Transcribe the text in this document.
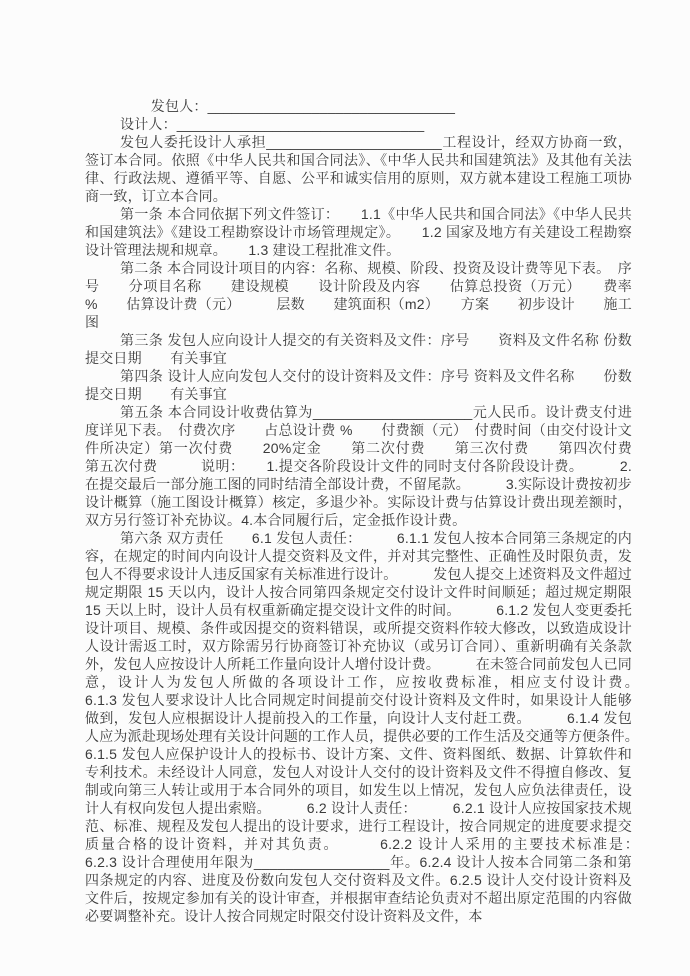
发包人：_______________________________

设计人：_______________________________

发包人委托设计人承担______________________工程设计，经双方协商一致，签订本合同。依照《中华人民共和国合同法》、《中华人民共和国建筑法》及其他有关法律、行政法规、遵循平等、自愿、公平和诚实信用的原则，双方就本建设工程施工项协商一致，订立本合同。

第一条 本合同依据下列文件签订：　　1.1《中华人民共和国合同法》《中华人民共和国建筑法》《建设工程勘察设计市场管理规定》。　　1.2 国家及地方有关建设工程勘察设计管理法规和规章。　　1.3 建设工程批准文件。

第二条 本合同设计项目的内容：名称、规模、阶段、投资及设计费等见下表。　序号　　分项目名称　　建设规模　　设计阶段及内容　　估算总投资（万元）　　费率 %　　估算设计费（元）　　　层数　　建筑面积（m2）　　方案　　初步设计　　施工图

第三条 发包人应向设计人提交的有关资料及文件：序号　　资料及文件名称 份数　　提交日期　　有关事宜

第四条 设计人应向发包人交付的设计资料及文件：序号 资料及文件名称　　份数　　提交日期　　有关事宜

第五条 本合同设计收费估算为____________________元人民币。设计费支付进度详见下表。　付费次序　　占总设计费 %　　付费额（元）　付费时间（由交付设计文件所决定）第一次付费　　20%定金　　第二次付费　　第三次付费　　第四次付费　　第五次付费　　　说明：　　1.提交各阶段设计文件的同时支付各阶段设计费。　　　2.在提交最后一部分施工图的同时结清全部设计费，不留尾款。　　　3.实际设计费按初步设计概算（施工图设计概算）核定，多退少补。实际设计费与估算设计费出现差额时，双方另行签订补充协议。4.本合同履行后，定金抵作设计费。

第六条 双方责任　　6.1 发包人责任：　　　6.1.1 发包人按本合同第三条规定的内容，在规定的时间内向设计人提交资料及文件，并对其完整性、正确性及时限负责，发包人不得要求设计人违反国家有关标准进行设计。　　　发包人提交上述资料及文件超过规定期限 15 天以内，设计人按合同第四条规定交付设计文件时间顺延；超过规定期限 15 天以上时，设计人员有权重新确定提交设计文件的时间。　　　6.1.2 发包人变更委托设计项目、规模、条件或因提交的资料错误，或所提交资料作较大修改，以致造成设计人设计需返工时，双方除需另行协商签订补充协议（或另订合同）、重新明确有关条款外，发包人应按设计人所耗工作量向设计人增付设计费。　　　在未签合同前发包人已同意，设计人为发包人所做的各项设计工作，应按收费标准，相应支付设计费。　　　6.1.3 发包人要求设计人比合同规定时间提前交付设计资料及文件时，如果设计人能够做到，发包人应根据设计人提前投入的工作量，向设计人支付赶工费。　　　6.1.4 发包人应为派赴现场处理有关设计问题的工作人员，提供必要的工作生活及交通等方便条件。　　　6.1.5 发包人应保护设计人的投标书、设计方案、文件、资料图纸、数据、计算软件和专利技术。未经设计人同意，发包人对设计人交付的设计资料及文件不得擅自修改、复制或向第三人转让或用于本合同外的项目，如发生以上情况，发包人应负法律责任，设计人有权向发包人提出索赔。　　　6.2 设计人责任：　　　6.2.1 设计人应按国家技术规范、标准、规程及发包人提出的设计要求，进行工程设计，按合同规定的进度要求提交质量合格的设计资料，并对其负责。　　　6.2.2 设计人采用的主要技术标准是：　　　6.2.3 设计合理使用年限为_________________年。6.2.4 设计人按本合同第二条和第四条规定的内容、进度及份数向发包人交付资料及文件。6.2.5 设计人交付设计资料及文件后，按规定参加有关的设计审查，并根据审查结论负责对不超出原定范围的内容做必要调整补充。设计人按合同规定时限交付设计资料及文件，本
